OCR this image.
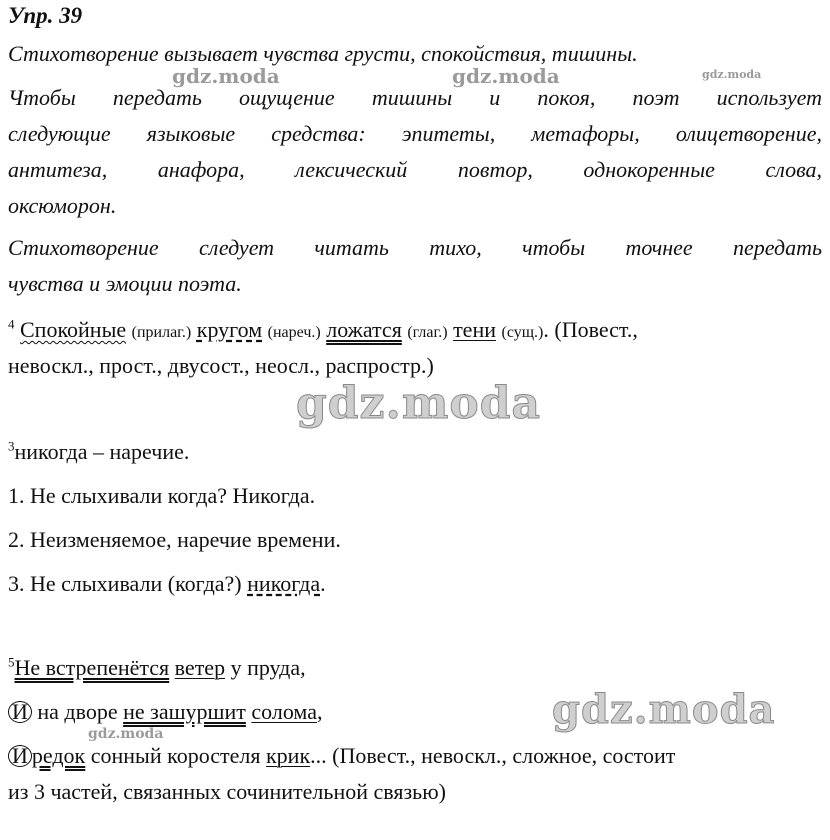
Упр. 39
Стихотворение вызывает чувства грусти, спокойствия, тишины.
Чтобы передать ощущение тишины и покоя, поэт использует
следующие языковые средства: эпитеты, метафоры, олицетворение,
антитеза, анафора, лексический повтор, однокоренные слова,
оксюморон.
Стихотворение следует читать тихо, чтобы точнее передать
чувства и эмоции поэта.
$^4$ Спокойные (прилаг.) кругом (нареч.) ложатся (глаг.) тени (сущ.). (Повест.,
невоскл., прост., двусост., неосл., распростр.)
gdz.moda
$^3$никогда – наречие.
1. Не слыхивали когда? Никогда.
2. Неизменяемое, наречие времени.
3. Не слыхивали (когда?) никогда.
$^5$Не встрепенётся ветер у пруда,
И на дворе не зашуршит солома,
И редок сонный коростеля крик... (Повест., невоскл., сложное, состоит
из 3 частей, связанных сочинительной связью)
gdz.moda	gdz.moda	gdz.moda
gdz.moda
gdz.moda
